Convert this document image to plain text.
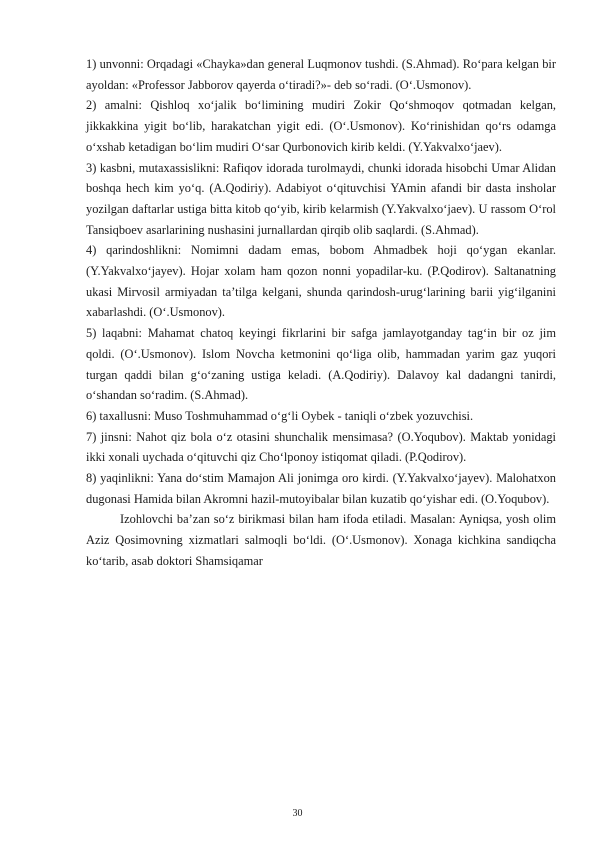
1) unvonni: Orqadagi «Chayka»dan general Luqmonov tushdi. (S.Ahmad). Ro‘para kelgan bir ayoldan: «Professor Jabborov qayerda o‘tiradi?»- deb so‘radi. (O‘.Usmonov).

2) amalni: Qishloq xo‘jalik bo‘limining mudiri Zokir Qo‘shmoqov qotmadan kelgan, jikkakkina yigit bo‘lib, harakatchan yigit edi. (O‘.Usmonov). Ko‘rinishidan qo‘rs odamga o‘xshab ketadigan bo‘lim mudiri O‘sar Qurbonovich kirib keldi. (Y.Yakvalxo‘jaev).

3) kasbni, mutaxassislikni: Rafiqov idorada turolmaydi, chunki idorada hisobchi Umar Alidan boshqa hech kim yo‘q. (A.Qodiriy). Adabiyot o‘qituvchisi YAmin afandi bir dasta insholar yozilgan daftarlar ustiga bitta kitob qo‘yib, kirib kelarmish (Y.Yakvalxo‘jaev). U rassom O‘rol Tansiqboev asarlarining nushasini jurnallardan qirqib olib saqlardi. (S.Ahmad).

4) qarindoshlikni: Nomimni dadam emas, bobom Ahmadbek hoji qo‘ygan ekanlar. (Y.Yakvalxo‘jayev). Hojar xolam ham qozon nonni yopadilar-ku. (P.Qodirov). Saltanatning ukasi Mirvosil armiyadan ta’tilga kelgani, shunda qarindosh-urug‘larining barii yig‘ilganini xabarlashdi. (O‘.Usmonov).

5) laqabni: Mahamat chatoq keyingi fikrlarini bir safga jamlayotganday tag‘in bir oz jim qoldi. (O‘.Usmonov). Islom Novcha ketmonini qo‘liga olib, hammadan yarim gaz yuqori turgan qaddi bilan g‘o‘zaning ustiga keladi. (A.Qodiriy). Dalavoy kal dadangni tanirdi, o‘shandan so‘radim. (S.Ahmad).

6) taxallusni: Muso Toshmuhammad o‘g‘li Oybek - taniqli o‘zbek yozuvchisi.

7) jinsni: Nahot qiz bola o‘z otasini shunchalik mensimasa? (O.Yoqubov). Maktab yonidagi ikki xonali uychada o‘qituvchi qiz Cho‘lponoy istiqomat qiladi. (P.Qodirov).

8) yaqinlikni: Yana do‘stim Mamajon Ali jonimga oro kirdi. (Y.Yakvalxo‘jayev). Malohatxon dugonasi Hamida bilan Akromni hazil-mutoyibalar bilan kuzatib qo‘yishar edi. (O.Yoqubov).

Izohlovchi ba’zan so‘z birikmasi bilan ham ifoda etiladi. Masalan: Ayniqsa, yosh olim Aziz Qosimovning xizmatlari salmoqli bo‘ldi. (O‘.Usmonov). Xonaga kichkina sandiqcha ko‘tarib, asab doktori Shamsiqamar

30
